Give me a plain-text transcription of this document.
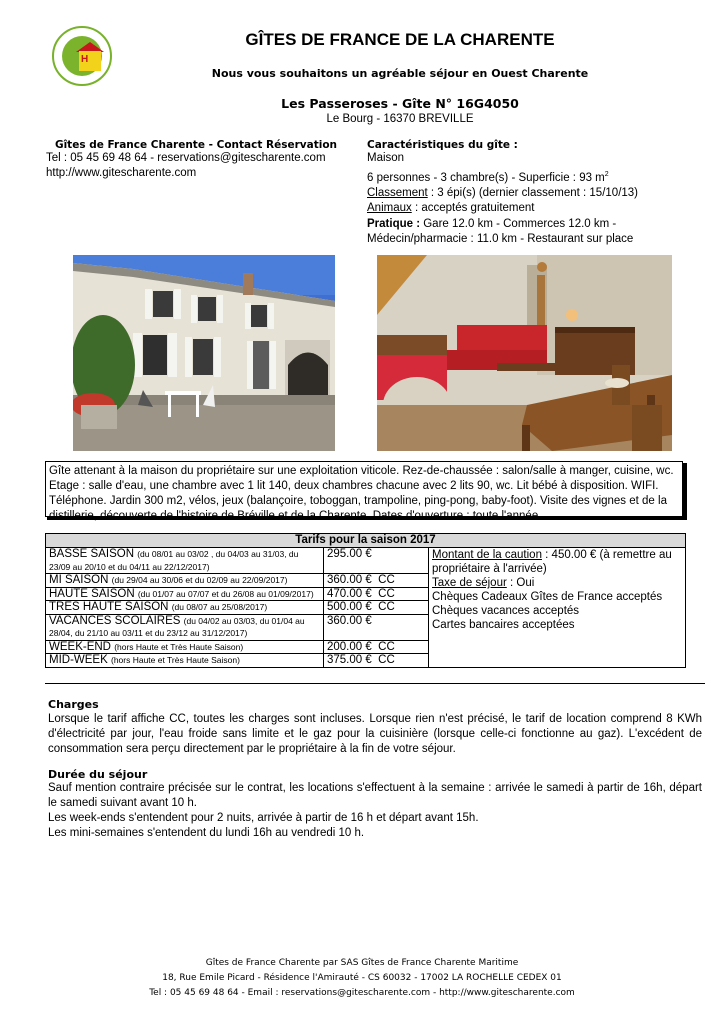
H
GÎTES DE FRANCE DE LA CHARENTE
Nous vous souhaitons un agréable séjour en Ouest Charente
Les Passeroses - Gîte N° 16G4050
Le Bourg - 16370 BREVILLE
Gîtes de France Charente - Contact Réservation
Tel : 05 45 69 48 64 - reservations@gitescharente.com
http://www.gitescharente.com
Caractéristiques du gîte :
Maison
6 personnes - 3 chambre(s) - Superficie : 93 $m^2$
Classement : 3 épi(s) (dernier classement : 15/10/13)
Animaux : acceptés gratuitement
Pratique : Gare 12.0 km - Commerces 12.0 km - Médecin/pharmacie : 11.0 km - Restaurant sur place
Gîte attenant à la maison du propriétaire sur une exploitation viticole. Rez-de-chaussée : salon/salle à manger, cuisine, wc. Etage : salle d'eau, une chambre avec 1 lit 140, deux chambres chacune avec 2 lits 90, wc. Lit bébé à disposition. WIFI. Téléphone. Jardin 300 m2, vélos, jeux (balançoire, toboggan, trampoline, ping-pong, baby-foot). Visite des vignes et de la distillerie, découverte de l'histoire de Bréville et de la Charente. Dates d'ouverture : toute l'année.
Tarifs pour la saison 2017		
BASSE SAISON (du 08/01 au 03/02 , du 04/03 au 31/03, du 23/09 au 20/10 et du 04/11 au 22/12/2017)	295.00 €	Montant de la caution : 450.00 € (à remettre au propriétaire à l'arrivée)
Taxe de séjour : Oui
Chèques Cadeaux Gîtes de France acceptés
Chèques vacances acceptés
Cartes bancaires acceptées

MI SAISON (du 29/04 au 30/06 et du 02/09 au 22/09/2017)	360.00 € CC	
HAUTE SAISON (du 01/07 au 07/07 et du 26/08 au 01/09/2017)	470.00 € CC	
TRES HAUTE SAISON (du 08/07 au 25/08/2017)	500.00 € CC	
VACANCES SCOLAIRES (du 04/02 au 03/03, du 01/04 au 28/04, du 21/10 au 03/11 et du 23/12 au 31/12/2017)	360.00 €	
WEEK-END (hors Haute et Très Haute Saison)	200.00 € CC	
MID-WEEK (hors Haute et Très Haute Saison)	375.00 € CC	
Charges
Lorsque le tarif affiche CC, toutes les charges sont incluses. Lorsque rien n'est précisé, le tarif de location comprend 8 KWh d'électricité par jour, l'eau froide sans limite et le gaz pour la cuisinière (lorsque celle-ci fonctionne au gaz). L'excédent de consommation sera perçu directement par le propriétaire à la fin de votre séjour.
Durée du séjour
Sauf mention contraire précisée sur le contrat, les locations s'effectuent à la semaine : arrivée le samedi à partir de 16h, départ le samedi suivant avant 10 h.
Les week-ends s'entendent pour 2 nuits, arrivée à partir de 16 h et départ avant 15h.
Les mini-semaines s'entendent du lundi 16h au vendredi 10 h.
Gîtes de France Charente par SAS Gîtes de France Charente Maritime
18, Rue Emile Picard - Résidence l'Amirauté - CS 60032 - 17002 LA ROCHELLE CEDEX 01
Tel : 05 45 69 48 64 - Email : reservations@gitescharente.com - http://www.gitescharente.com
